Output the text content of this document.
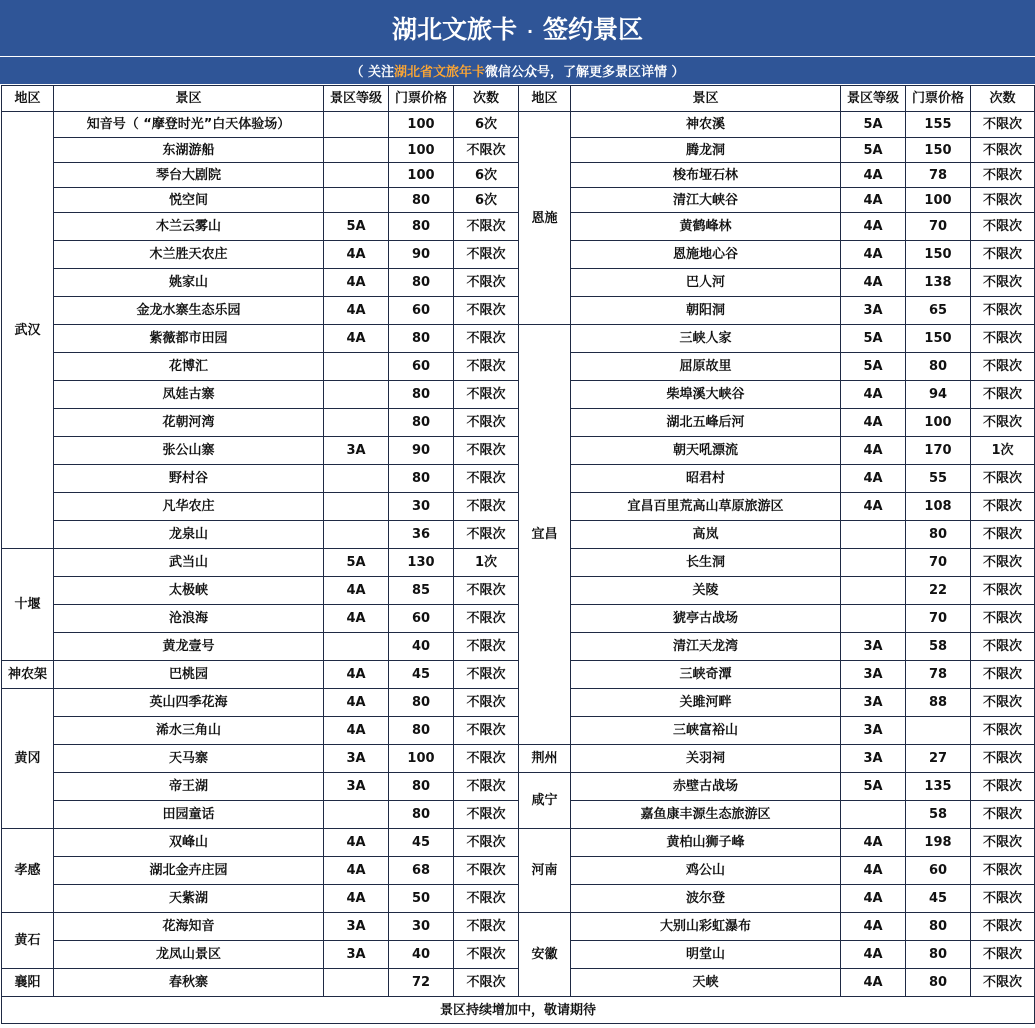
湖北文旅卡 · 签约景区
（ 关注 湖北省文旅年卡 微信公众号，了解更多景区详情 ）
地区	景区	景区等级	门票价格	次数	地区	景区	景区等级	门票价格	次数
武汉	知音号（ “摩登时光”白天体验场）		100	6次	恩施	神农溪	5A	155	不限次
	东湖游船		100	不限次		腾龙洞	5A	150	不限次
	琴台大剧院		100	6次		梭布垭石林	4A	78	不限次
	悦空间		80	6次		清江大峡谷	4A	100	不限次
	木兰云雾山	5A	80	不限次		黄鹤峰林	4A	70	不限次
	木兰胜天农庄	4A	90	不限次		恩施地心谷	4A	150	不限次
	姚家山	4A	80	不限次		巴人河	4A	138	不限次
	金龙水寨生态乐园	4A	60	不限次		朝阳洞	3A	65	不限次
	紫薇都市田园	4A	80	不限次	宜昌	三峡人家	5A	150	不限次
	花博汇		60	不限次		屈原故里	5A	80	不限次
	凤娃古寨		80	不限次		柴埠溪大峡谷	4A	94	不限次
	花朝河湾		80	不限次		湖北五峰后河	4A	100	不限次
	张公山寨	3A	90	不限次		朝天吼漂流	4A	170	1次
	野村谷		80	不限次		昭君村	4A	55	不限次
	凡华农庄		30	不限次		宜昌百里荒高山草原旅游区	4A	108	不限次
	龙泉山		36	不限次		高岚		80	不限次
十堰	武当山	5A	130	1次		长生洞		70	不限次
	太极峡	4A	85	不限次		关陵		22	不限次
	沧浪海	4A	60	不限次		猇亭古战场		70	不限次
	黄龙壹号		40	不限次		清江天龙湾	3A	58	不限次
神农架	巴桃园	4A	45	不限次		三峡奇潭	3A	78	不限次
黄冈	英山四季花海	4A	80	不限次		关雎河畔	3A	88	不限次
	浠水三角山	4A	80	不限次		三峡富裕山	3A		不限次
	天马寨	3A	100	不限次	荆州	关羽祠	3A	27	不限次
	帝王湖	3A	80	不限次	咸宁	赤壁古战场	5A	135	不限次
	田园童话		80	不限次		嘉鱼康丰源生态旅游区		58	不限次
孝感	双峰山	4A	45	不限次	河南	黄柏山狮子峰	4A	198	不限次
	湖北金卉庄园	4A	68	不限次		鸡公山	4A	60	不限次
	天紫湖	4A	50	不限次		波尔登	4A	45	不限次
黄石	花海知音	3A	30	不限次	安徽	大别山彩虹瀑布	4A	80	不限次
	龙凤山景区	3A	40	不限次		明堂山	4A	80	不限次
襄阳	春秋寨		72	不限次		天峡	4A	80	不限次
景区持续增加中，敬请期待									
